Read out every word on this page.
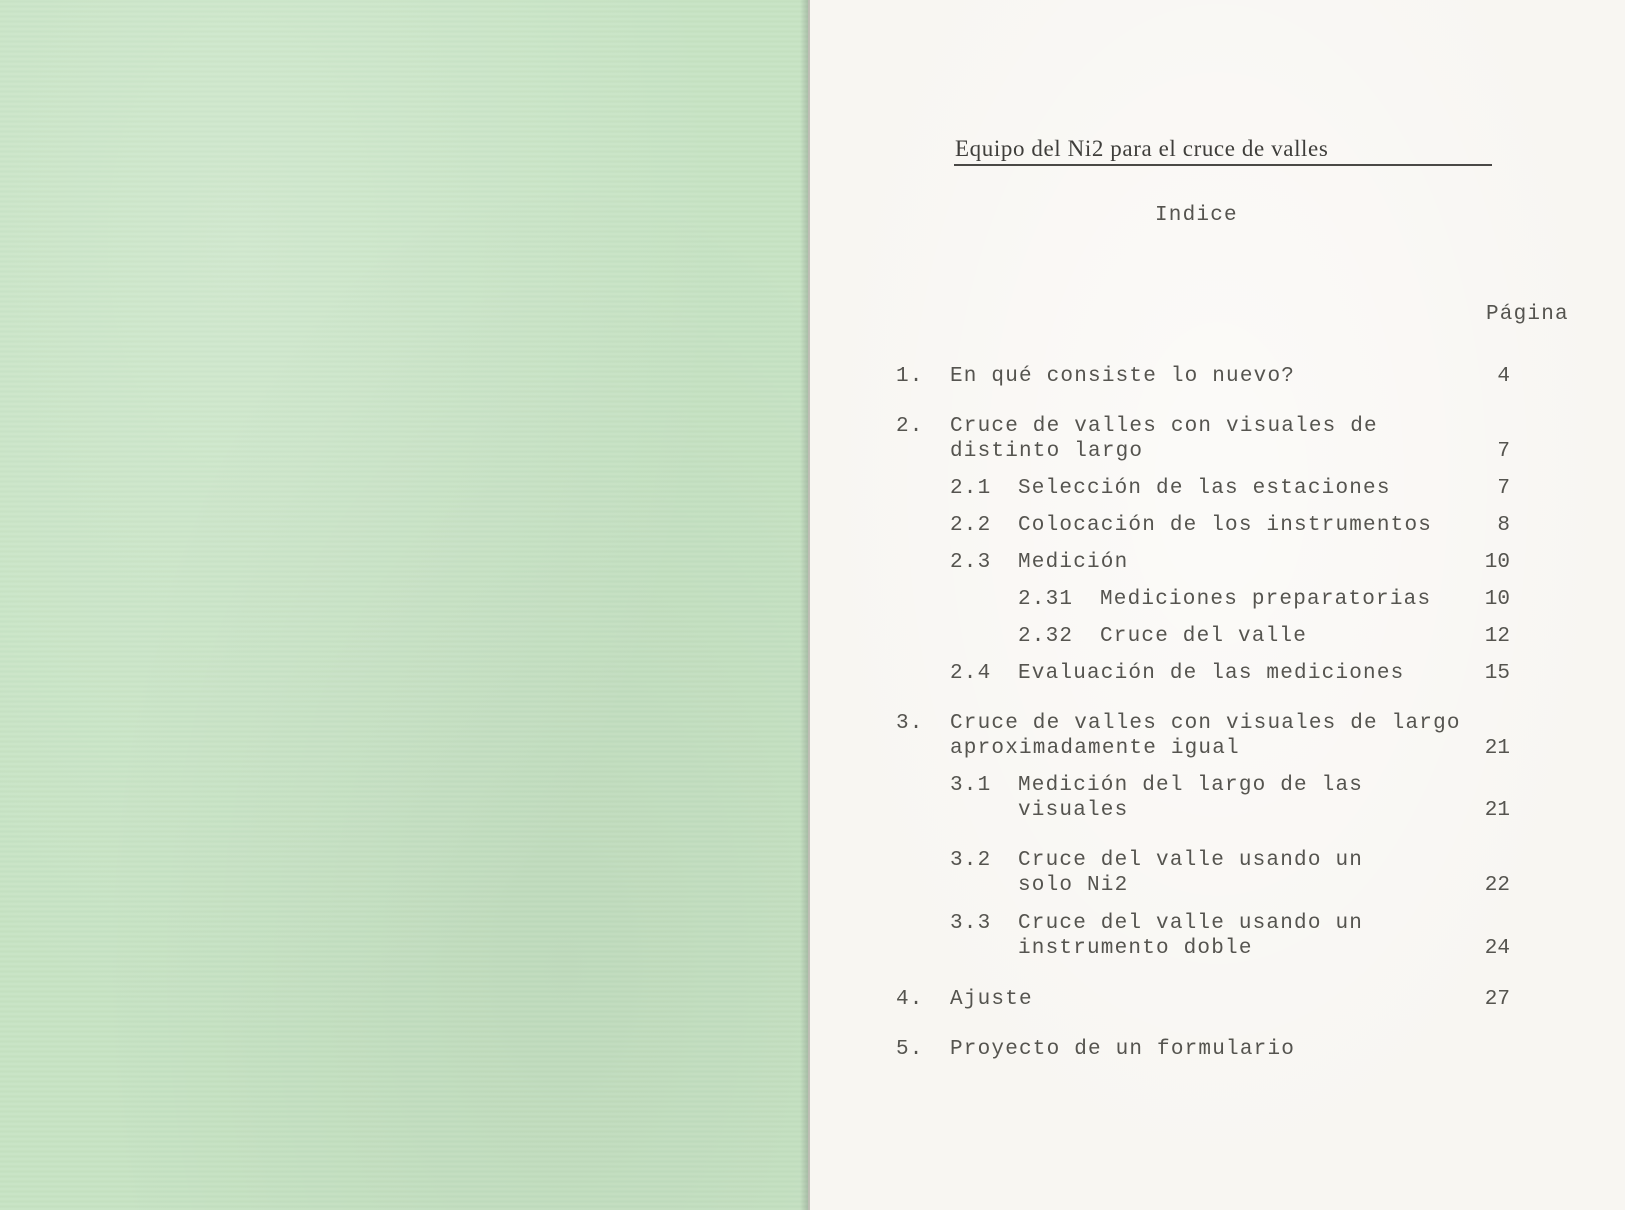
Equipo del Ni2 para el cruce de valles
Indice
Página
1. En qué consiste lo nuevo?	4
2. Cruce de valles con visuales de
distinto largo	7
2.1 Selección de las estaciones	7
2.2 Colocación de los instrumentos	8
2.3 Medición	10
2.31 Mediciones preparatorias	10
2.32 Cruce del valle	12
2.4 Evaluación de las mediciones	15
3. Cruce de valles con visuales de largo
aproximadamente igual	21
3.1 Medición del largo de las
visuales	21
3.2 Cruce del valle usando un
solo Ni2	22
3.3 Cruce del valle usando un
instrumento doble	24
4. Ajuste	27
5. Proyecto de un formulario
